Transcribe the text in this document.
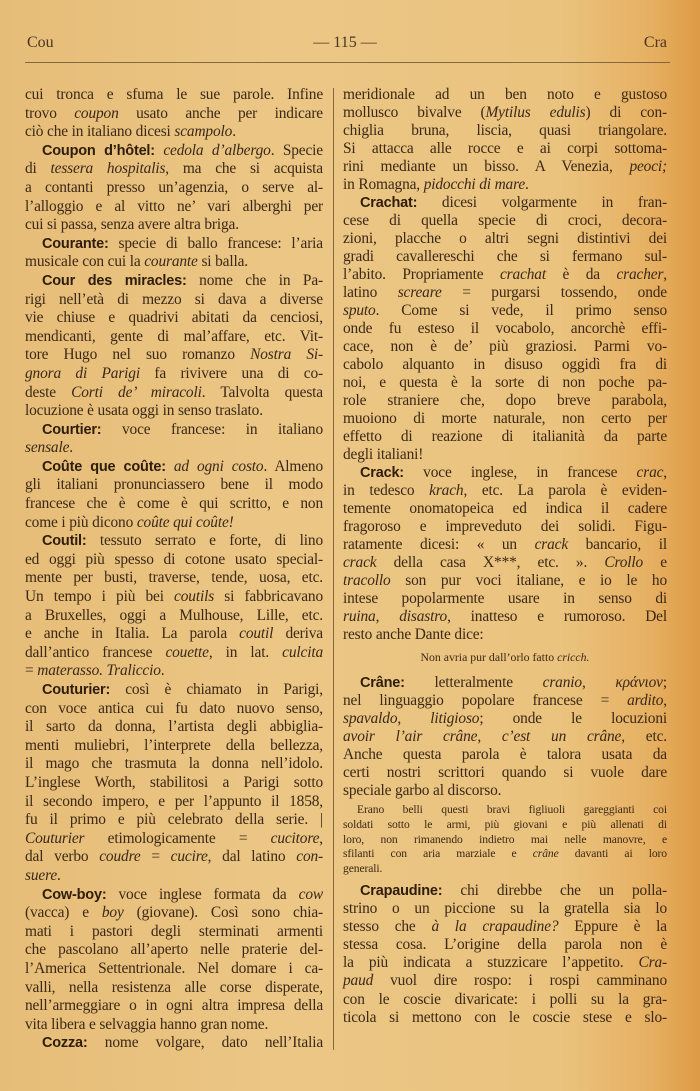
Cou	— 115 —	Cra
cui tronca e sfuma le sue parole. Infine
trovo coupon usato anche per indicare
ciò che in italiano dicesi scampolo.
Coupon d’hôtel: cedola d’albergo. Specie
di tessera hospitalis, ma che si acquista
a contanti presso un’agenzia, o serve al-
l’alloggio e al vitto ne’ vari alberghi per
cui si passa, senza avere altra briga.
Courante: specie di ballo francese: l’aria
musicale con cui la courante si balla.
Cour des miracles: nome che in Pa-
rigi nell’età di mezzo si dava a diverse
vie chiuse e quadrivi abitati da cenciosi,
mendicanti, gente di mal’affare, etc. Vit-
tore Hugo nel suo romanzo Nostra Si-
gnora di Parigi fa rivivere una di co-
deste Corti de’ miracoli. Talvolta questa
locuzione è usata oggi in senso traslato.
Courtier: voce francese: in italiano
sensale.
Coûte que coûte: ad ogni costo. Almeno
gli italiani pronunciassero bene il modo
francese che è come è qui scritto, e non
come i più dicono coûte qui coûte!
Coutil: tessuto serrato e forte, di lino
ed oggi più spesso di cotone usato special-
mente per busti, traverse, tende, uosa, etc.
Un tempo i più bei coutils si fabbricavano
a Bruxelles, oggi a Mulhouse, Lille, etc.
e anche in Italia. La parola coutil deriva
dall’antico francese couette, in lat. culcita
= materasso. Traliccio.
Couturier: così è chiamato in Parigi,
con voce antica cui fu dato nuovo senso,
il sarto da donna, l’artista degli abbiglia-
menti muliebri, l’interprete della bellezza,
il mago che trasmuta la donna nell’idolo.
L’inglese Worth, stabilitosi a Parigi sotto
il secondo impero, e per l’appunto il 1858,
fu il primo e più celebrato della serie. |
Couturier etimologicamente = cucitore,
dal verbo coudre = cucire, dal latino con-
suere.
Cow-boy: voce inglese formata da cow
(vacca) e boy (giovane). Così sono chia-
mati i pastori degli sterminati armenti
che pascolano all’aperto nelle praterie del-
l’America Settentrionale. Nel domare i ca-
valli, nella resistenza alle corse disperate,
nell’armeggiare o in ogni altra impresa della
vita libera e selvaggia hanno gran nome.
Cozza: nome volgare, dato nell’Italia
meridionale ad un ben noto e gustoso
mollusco bivalve (Mytilus edulis) di con-
chiglia bruna, liscia, quasi triangolare.
Si attacca alle rocce e ai corpi sottoma-
rini mediante un bisso. A Venezia, peoci;
in Romagna, pidocchi di mare.
Crachat: dicesi volgarmente in fran-
cese di quella specie di croci, decora-
zioni, placche o altri segni distintivi dei
gradi cavallereschi che si fermano sul-
l’abito. Propriamente crachat è da cracher,
latino screare = purgarsi tossendo, onde
sputo. Come si vede, il primo senso
onde fu esteso il vocabolo, ancorchè effi-
cace, non è de’ più graziosi. Parmi vo-
cabolo alquanto in disuso oggidì fra di
noi, e questa è la sorte di non poche pa-
role straniere che, dopo breve parabola,
muoiono di morte naturale, non certo per
effetto di reazione di italianità da parte
degli italiani!
Crack: voce inglese, in francese crac,
in tedesco krach, etc. La parola è eviden-
temente onomatopeica ed indica il cadere
fragoroso e impreveduto dei solidi. Figu-
ratamente dicesi: « un crack bancario, il
crack della casa X***, etc. ». Crollo e
tracollo son pur voci italiane, e io le ho
intese popolarmente usare in senso di
ruina, disastro, inatteso e rumoroso. Del
resto anche Dante dice:
Non avria pur dall’orlo fatto cricch.
Crâne: letteralmente cranio, κράνιον;
nel linguaggio popolare francese = ardito,
spavaldo, litigioso; onde le locuzioni
avoir l’air crâne, c’est un crâne, etc.
Anche questa parola è talora usata da
certi nostri scrittori quando si vuole dare
speciale garbo al discorso.
Erano belli questi bravi figliuoli gareggianti coi
soldati sotto le armi, più giovani e più allenati di
loro, non rimanendo indietro mai nelle manovre, e
sfilanti con aria marziale e crâne davanti ai loro
generali.
Crapaudine: chi direbbe che un polla-
strino o un piccione su la gratella sia lo
stesso che à la crapaudine? Eppure è la
stessa cosa. L’origine della parola non è
la più indicata a stuzzicare l’appetito. Cra-
paud vuol dire rospo: i rospi camminano
con le coscie divaricate: i polli su la gra-
ticola si mettono con le coscie stese e slo-
